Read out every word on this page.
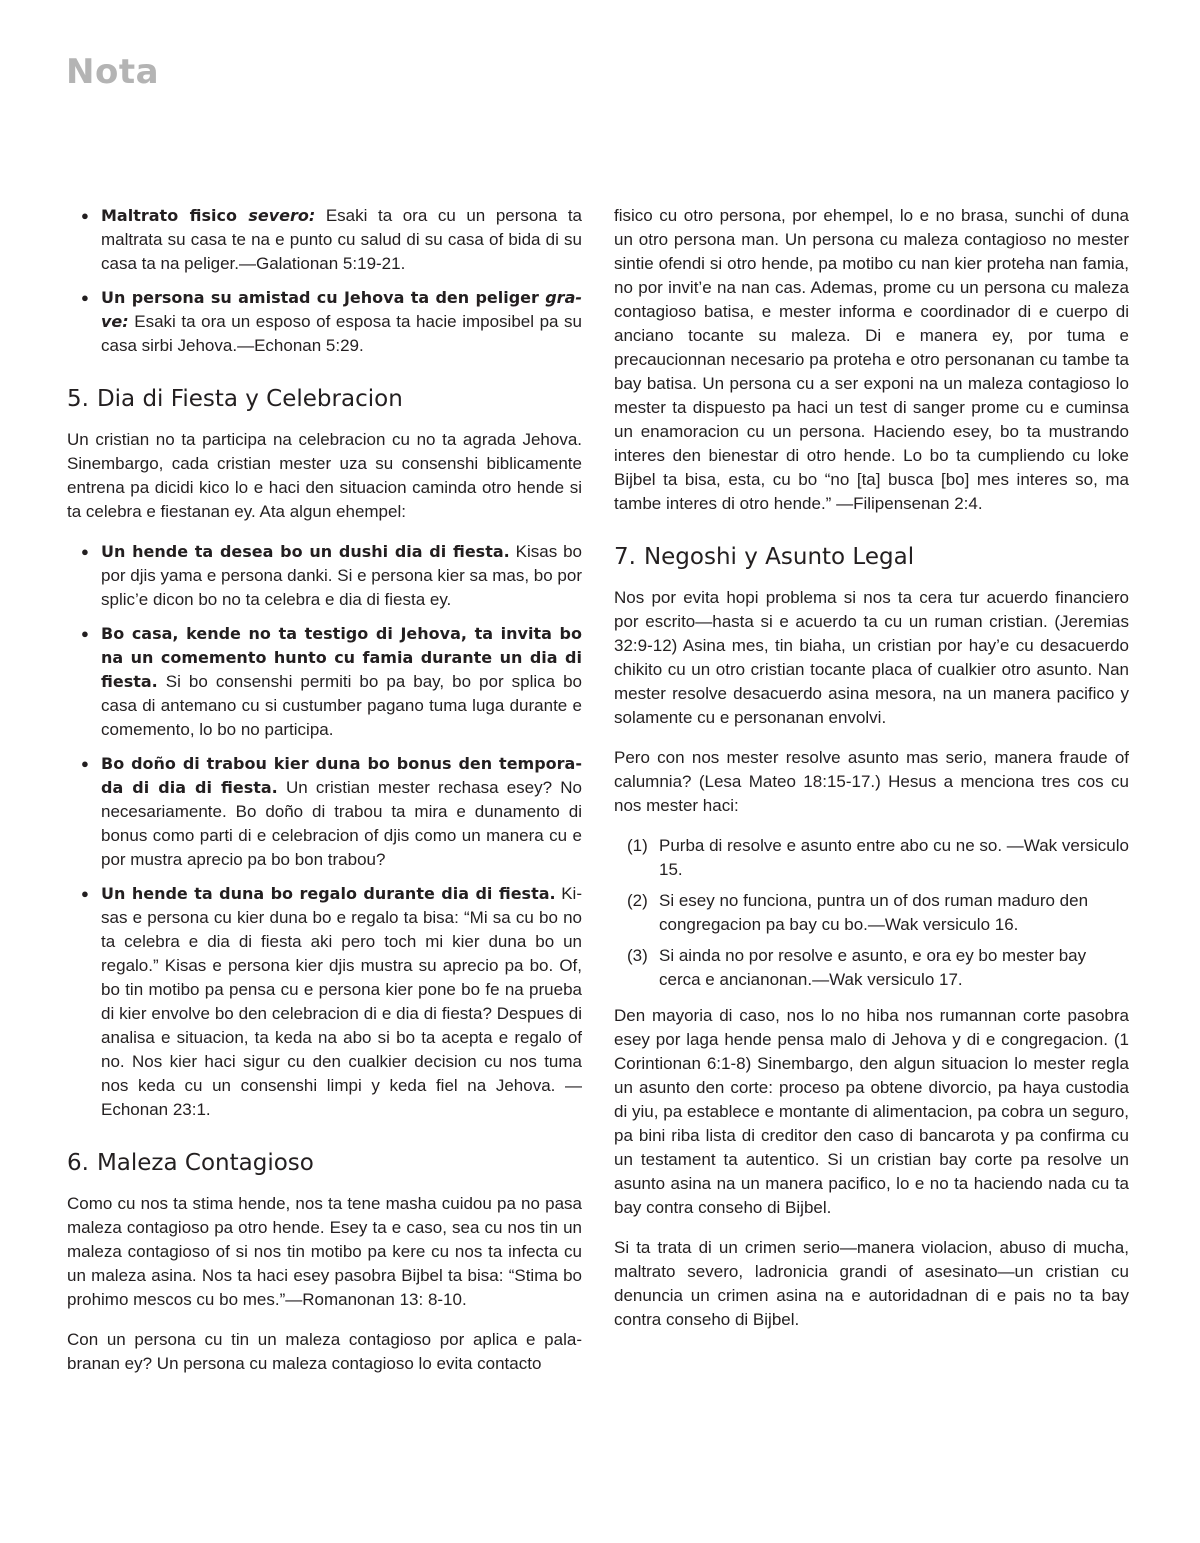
Nota
● Maltrato fisico severo: Esaki ta ora cu un persona ta maltrata su casa te na e punto cu salud di su casa of bida di su casa ta na peliger.—Galationan 5:19-21.
● Un persona su amistad cu Jehova ta den peliger grave: Esaki ta ora un esposo of esposa ta hacie imposibel pa su casa sirbi Jehova.—Echonan 5:29.
5. Dia di Fiesta y Celebracion

Un cristian no ta participa na celebracion cu no ta agrada Jehova. Sinembargo, cada cristian mester uza su consenshi biblicamente entrena pa dicidi kico lo e haci den situacion caminda otro hende si ta celebra e fiestanan ey. Ata algun ehempel:

● Un hende ta desea bo un dushi dia di fiesta. Kisas bo por djis yama e persona danki. Si e persona kier sa mas, bo por splic’e dicon bo no ta celebra e dia di fiesta ey.
● Bo casa, kende no ta testigo di Jehova, ta invita bo na un comemento hunto cu famia durante un dia di fiesta. Si bo consenshi permiti bo pa bay, bo por splica bo casa di antemano cu si custumber pagano tuma luga durante e comemento, lo bo no participa.
● Bo doño di trabou kier duna bo bonus den temporada di dia di fiesta. Un cristian mester rechasa esey? No necesariamente. Bo doño di trabou ta mira e dunamento di bonus como parti di e celebracion of djis como un manera cu e por mustra aprecio pa bo bon trabou?
● Un hende ta duna bo regalo durante dia di fiesta. Kisas e persona cu kier duna bo e regalo ta bisa: “Mi sa cu bo no ta celebra e dia di fiesta aki pero toch mi kier duna bo un regalo.” Kisas e persona kier djis mustra su aprecio pa bo. Of, bo tin motibo pa pensa cu e persona kier pone bo fe na prueba di kier envolve bo den celebracion di e dia di fiesta? Despues di analisa e situacion, ta keda na abo si bo ta acepta e regalo of no. Nos kier haci sigur cu den cualkier decision cu nos tuma nos keda cu un consenshi limpi y keda fiel na Jehova. —Echonan 23:1.
6. Maleza Contagioso

Como cu nos ta stima hende, nos ta tene masha cuidou pa no pasa maleza contagioso pa otro hende. Esey ta e caso, sea cu nos tin un maleza contagioso of si nos tin motibo pa kere cu nos ta infecta cu un maleza asina. Nos ta haci esey pasobra Bijbel ta bisa: “Stima bo prohimo mescos cu bo mes.”—Romanonan 13: 8-10.

Con un persona cu tin un maleza contagioso por aplica e palabranan ey? Un persona cu maleza contagioso lo evita contacto

fisico cu otro persona, por ehempel, lo e no brasa, sunchi of duna un otro persona man. Un persona cu maleza contagioso no mester sintie ofendi si otro hende, pa motibo cu nan kier proteha nan famia, no por invit’e na nan cas. Ademas, prome cu un persona cu maleza contagioso batisa, e mester informa e coordinador di e cuerpo di anciano tocante su maleza. Di e manera ey, por tuma e precaucionnan necesario pa proteha e otro personanan cu tambe ta bay batisa. Un persona cu a ser exponi na un maleza contagioso lo mester ta dispuesto pa haci un test di sanger prome cu e cuminsa un enamoracion cu un persona. Haciendo esey, bo ta mustrando interes den bienestar di otro hende. Lo bo ta cumpliendo cu loke Bijbel ta bisa, esta, cu bo “no [ta] busca [bo] mes interes so, ma tambe interes di otro hende.” —Filipensenan 2:4.

7. Negoshi y Asunto Legal

Nos por evita hopi problema si nos ta cera tur acuerdo financiero por escrito—hasta si e acuerdo ta cu un ruman cristian. (Jeremias 32:9-12) Asina mes, tin biaha, un cristian por hay’e cu desacuerdo chikito cu un otro cristian tocante placa of cualkier otro asunto. Nan mester resolve desacuerdo asina mesora, na un manera pacifico y solamente cu e personanan envolvi.

Pero con nos mester resolve asunto mas serio, manera fraude of calumnia? (Lesa Mateo 18:15-17.) Hesus a menciona tres cos cu nos mester haci:

(1) Purba di resolve e asunto entre abo cu ne so. —Wak versiculo 15.
(2) Si esey no funciona, puntra un of dos ruman maduro den congregacion pa bay cu bo.—Wak versiculo 16.
(3) Si ainda no por resolve e asunto, e ora ey bo mester bay cerca e ancianonan.—Wak versiculo 17.

Den mayoria di caso, nos lo no hiba nos rumannan corte pasobra esey por laga hende pensa malo di Jehova y di e congregacion. (1 Corintionan 6:1-8) Sinembargo, den algun situacion lo mester regla un asunto den corte: proceso pa obtene divorcio, pa haya custodia di yiu, pa establece e montante di alimentacion, pa cobra un seguro, pa bini riba lista di creditor den caso di bancarota y pa confirma cu un testament ta autentico. Si un cristian bay corte pa resolve un asunto asina na un manera pacifico, lo e no ta haciendo nada cu ta bay contra conseho di Bijbel.

Si ta trata di un crimen serio—manera violacion, abuso di mucha, maltrato severo, ladronicia grandi of asesinato—un cristian cu denuncia un crimen asina na e autoridadnan di e pais no ta bay contra conseho di Bijbel.
